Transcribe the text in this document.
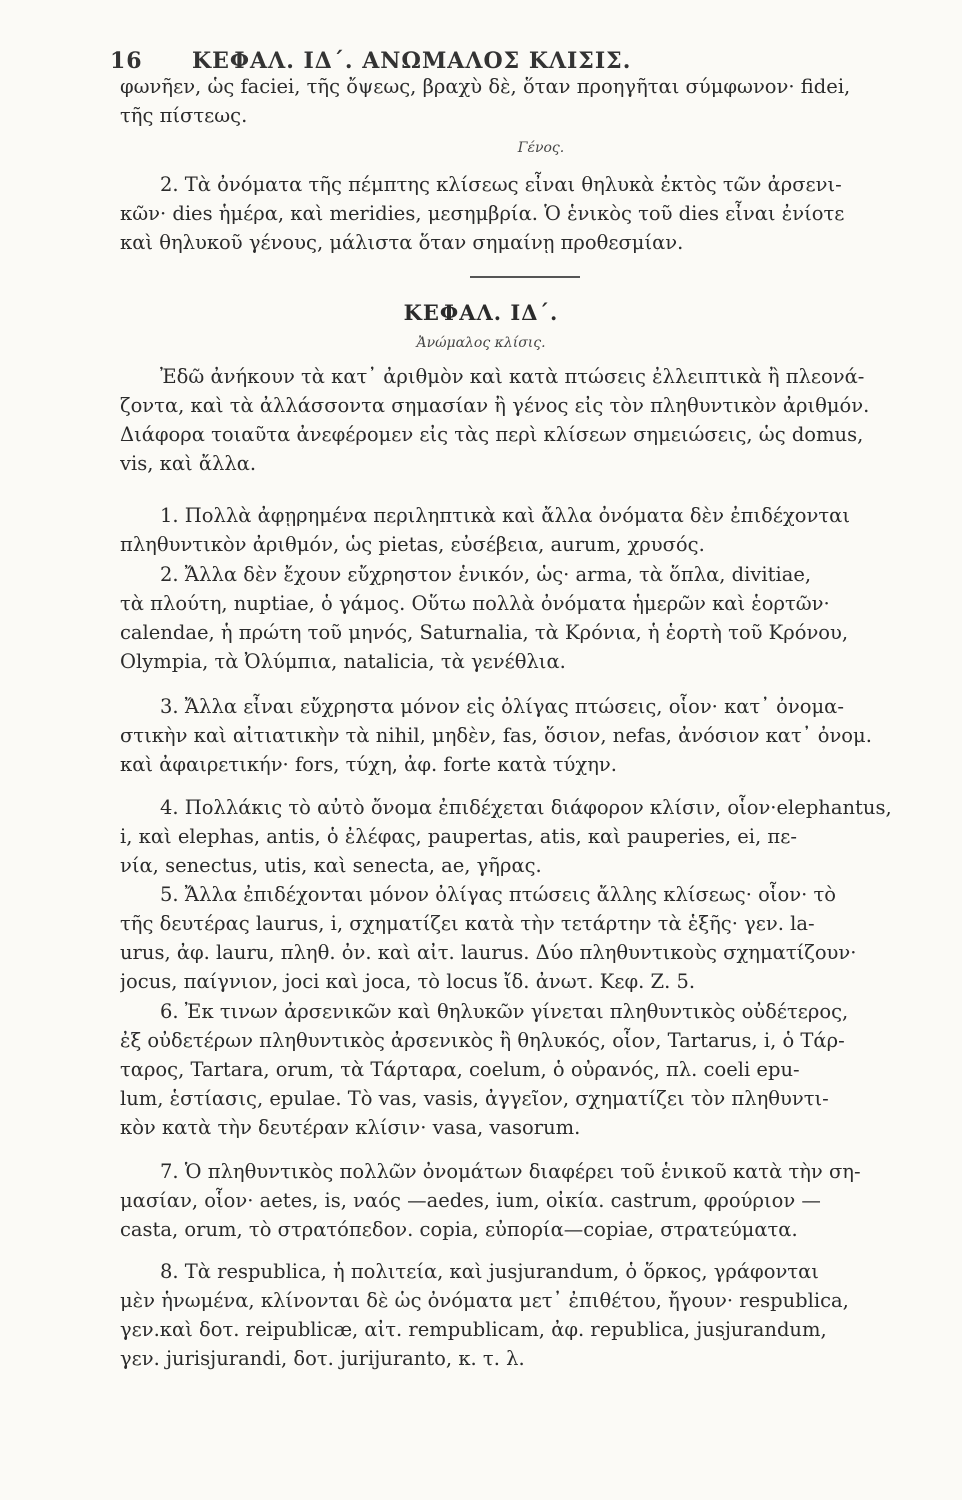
16	ΚΕΦΑΛ. ΙΔ΄. ΑΝΩΜΑΛΟΣ ΚΛΙΣΙΣ.
φωνῆεν, ὡς faciei, τῆς ὄψεως, βραχὺ δὲ, ὅταν προηγῆται σύμφωνον· fidei,
τῆς πίστεως.
Γένος.
2. Τὰ ὀνόματα τῆς πέμπτης κλίσεως εἶναι θηλυκὰ ἐκτὸς τῶν ἀρσενι-
κῶν· dies ἡμέρα, καὶ meridies, μεσημβρία. Ὁ ἑνικὸς τοῦ dies εἶναι ἐνίοτε
καὶ θηλυκοῦ γένους, μάλιστα ὅταν σημαίνῃ προθεσμίαν.
ΚΕΦΑΛ. ΙΔ΄.
Ἀνώμαλος κλίσις.
Ἐδῶ ἀνήκουν τὰ κατ᾽ ἀριθμὸν καὶ κατὰ πτώσεις ἐλλειπτικὰ ἢ πλεονά-
ζοντα, καὶ τὰ ἀλλάσσοντα σημασίαν ἢ γένος εἰς τὸν πληθυντικὸν ἀριθμόν.
Διάφορα τοιαῦτα ἀνεφέρομεν εἰς τὰς περὶ κλίσεων σημειώσεις, ὡς domus,
vis, καὶ ἄλλα.
1. Πολλὰ ἀφῃρημένα περιληπτικὰ καὶ ἄλλα ὀνόματα δὲν ἐπιδέχονται
πληθυντικὸν ἀριθμόν, ὡς pietas, εὐσέβεια, aurum, χρυσός.
2. Ἄλλα δὲν ἔχουν εὔχρηστον ἑνικόν, ὡς· arma, τὰ ὅπλα, divitiae,
τὰ πλούτη, nuptiae, ὁ γάμος. Οὕτω πολλὰ ὀνόματα ἡμερῶν καὶ ἑορτῶν·
calendae, ἡ πρώτη τοῦ μηνός, Saturnalia, τὰ Κρόνια, ἡ ἑορτὴ τοῦ Κρόνου,
Olympia, τὰ Ὀλύμπια, natalicia, τὰ γενέθλια.
3. Ἄλλα εἶναι εὔχρηστα μόνον εἰς ὀλίγας πτώσεις, οἷον· κατ᾽ ὀνομα-
στικὴν καὶ αἰτιατικὴν τὰ nihil, μηδὲν, fas, ὅσιον, nefas, ἀνόσιον κατ᾽ ὀνομ.
καὶ ἀφαιρετικήν· fors, τύχη, ἀφ. forte κατὰ τύχην.
4. Πολλάκις τὸ αὐτὸ ὄνομα ἐπιδέχεται διάφορον κλίσιν, οἷον·elephantus,
i, καὶ elephas, antis, ὁ ἐλέφας, paupertas, atis, καὶ pauperies, ei, πε-
νία, senectus, utis, καὶ senecta, ae, γῆρας.
5. Ἄλλα ἐπιδέχονται μόνον ὀλίγας πτώσεις ἄλλης κλίσεως· οἷον· τὸ
τῆς δευτέρας laurus, i, σχηματίζει κατὰ τὴν τετάρτην τὰ ἑξῆς· γεν. la-
urus, ἀφ. lauru, πληθ. ὀν. καὶ αἰτ. laurus. Δύο πληθυντικοὺς σχηματίζουν·
jocus, παίγνιον, joci καὶ joca, τὸ locus ἴδ. ἀνωτ. Κεφ. Ζ. 5.
6. Ἐκ τινων ἀρσενικῶν καὶ θηλυκῶν γίνεται πληθυντικὸς οὐδέτερος,
ἐξ οὐδετέρων πληθυντικὸς ἀρσενικὸς ἢ θηλυκός, οἷον, Tartarus, i, ὁ Τάρ-
ταρος, Tartara, orum, τὰ Τάρταρα, coelum, ὁ οὐρανός, πλ. coeli epu-
lum, ἑστίασις, epulae. Τὸ vas, vasis, ἀγγεῖον, σχηματίζει τὸν πληθυντι-
κὸν κατὰ τὴν δευτέραν κλίσιν· vasa, vasorum.
7. Ὁ πληθυντικὸς πολλῶν ὀνομάτων διαφέρει τοῦ ἑνικοῦ κατὰ τὴν ση-
μασίαν, οἷον· aetes, is, ναός —aedes, ium, οἰκία. castrum, φρούριον —
casta, orum, τὸ στρατόπεδον. copia, εὐπορία—copiae, στρατεύματα.
8. Τὰ respublica, ἡ πολιτεία, καὶ jusjurandum, ὁ ὅρκος, γράφονται
μὲν ἡνωμένα, κλίνονται δὲ ὡς ὀνόματα μετ᾽ ἐπιθέτου, ἤγουν· respublica,
γεν.καὶ δοτ. reipublicæ, αἰτ. rempublicam, ἀφ. republica, jusjurandum,
γεν. jurisjurandi, δοτ. jurijuranto, κ. τ. λ.
